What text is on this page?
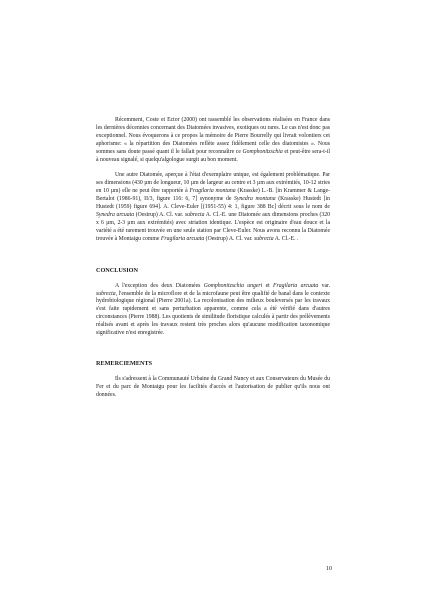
Récemment, Coste et Ector (2000) ont rassemblé les observations réalisées en France dans les dernières décennies concernant des Diatomées invasives, exotiques ou rares. Le cas n'est donc pas exceptionnel. Nous évoquerons à ce propos la mémoire de Pierre Bourrelly qui livrait volontiers cet aphorisme: « la répartition des Diatomées reflète assez fidèlement celle des diatomistes ». Nous sommes sans doute passé quant il le fallait pour reconnaître ce Gomphonitzschia et peut-être sera-t-il à nouveau signalé, si quelqu'algologue surgit au bon moment.

Une autre Diatomée, aperçue à l'état d'exemplaire unique, est également problématique. Par ses dimensions (430 µm de longueur, 10 µm de largeur au centre et 3 µm aux extrémités, 10-12 stries en 10 µm) elle ne peut être rapportée à Fragilaria montana (Krasske) L.-B. [in Krammer & Lange-Bertalot (1986-91), II/3, figure 116: 6, 7] synonyme de Synedra montana (Krasske) Hustedt [in Hustedt (1959) figure 694]. A. Cleve-Euler [(1951-55) 4: 1, figure 388 Bc] décrit sous le nom de Synedra arcuata (Oestrup) A. Cl. var. subrecta A. Cl.-E. une Diatomée aux dimensions proches (320 x 6 µm, 2-3 µm aux extrémités) avec striation identique. L'espèce est originaire d'eau douce et la variété a été rarement trouvée en une seule station par Cleve-Euler. Nous avons reconnu la Diatomée trouvée à Montaigu comme Fragilaria arcuata (Oestrup) A. Cl. var. subrecta A. Cl.-E. .

CONCLUSION

A l'exception des deux Diatomées Gomphonitzschia ungeri et Fragilaria arcuata var. subrecta, l'ensemble de la microflore et de la microfaune peut être qualifié de banal dans le contexte hydrobiologique régional (Pierre 2001a). La recolonisation des milieux bouleversés par les travaux s'est faite rapidement et sans perturbation apparente, comme cela a été vérifié dans d'autres circonstances (Pierre 1988). Les quotients de similitude floristique calculés à partir des prélèvements réalisés avant et après les travaux restent très proches alors qu'aucune modification taxonomique significative n'est enregistrée.

REMERCIEMENTS

Ils s'adressent à la Communauté Urbaine du Grand Nancy et aux Conservateurs du Musée du Fer et du parc de Montaigu pour les facilités d'accès et l'autorisation de publier qu'ils nous ont données.

10
